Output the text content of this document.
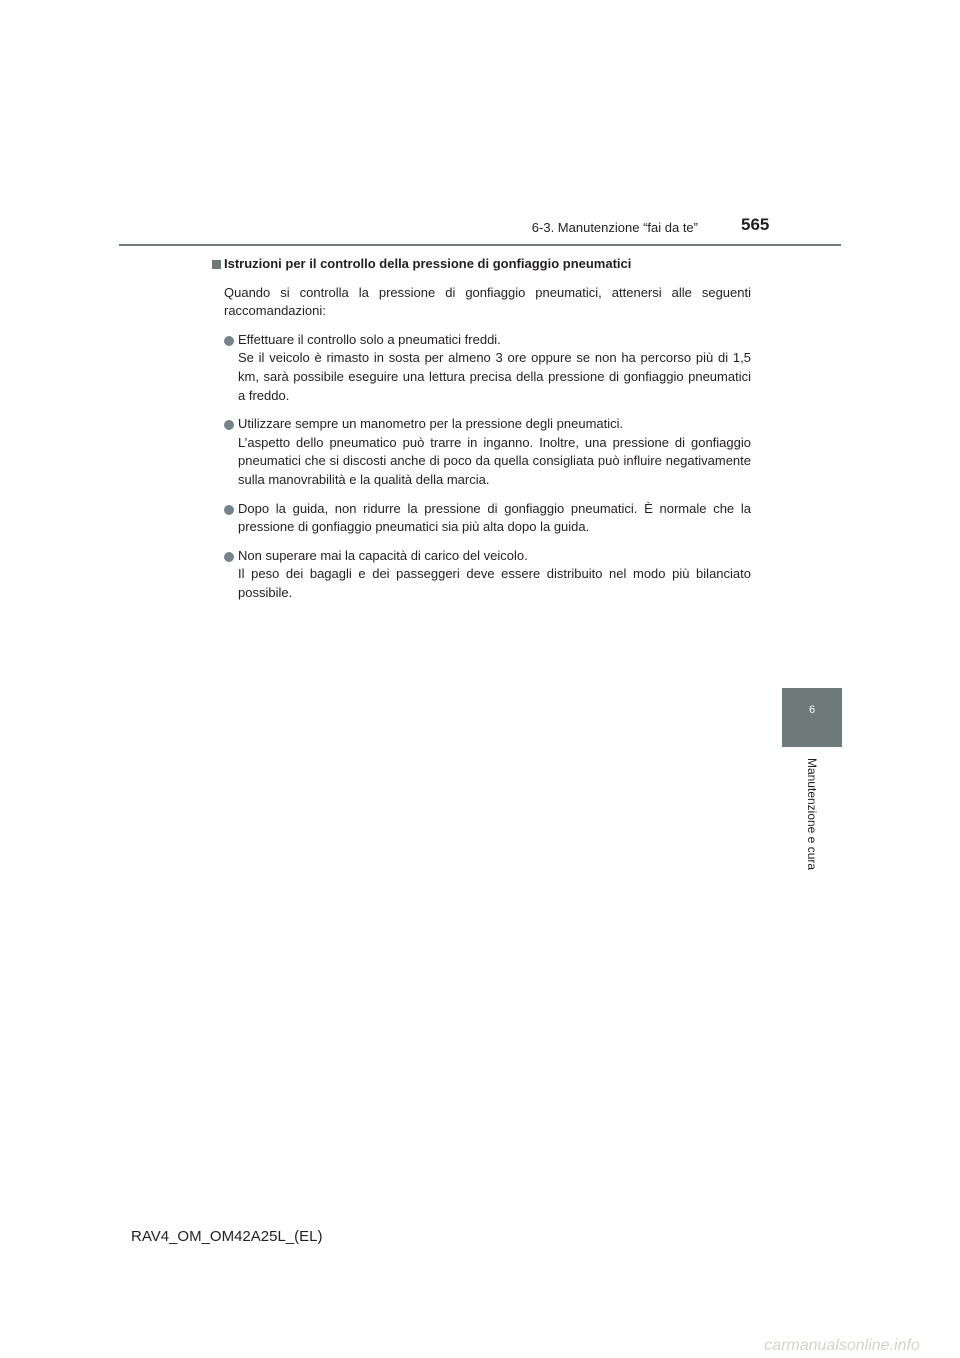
6-3. Manutenzione “fai da te”	565
6
Manutenzione e cura
Istruzioni per il controllo della pressione di gonfiaggio pneumatici
Quando si controlla la pressione di gonfiaggio pneumatici, attenersi alle seguenti raccomandazioni:
Effettuare il controllo solo a pneumatici freddi.
Se il veicolo è rimasto in sosta per almeno 3 ore oppure se non ha percorso più di 1,5 km, sarà possibile eseguire una lettura precisa della pressione di gonfiaggio pneumatici a freddo.
Utilizzare sempre un manometro per la pressione degli pneumatici.
L’aspetto dello pneumatico può trarre in inganno. Inoltre, una pressione di gonfiaggio pneumatici che si discosti anche di poco da quella consigliata può influire negativamente sulla manovrabilità e la qualità della marcia.
Dopo la guida, non ridurre la pressione di gonfiaggio pneumatici. È normale che la pressione di gonfiaggio pneumatici sia più alta dopo la guida.
Non superare mai la capacità di carico del veicolo.
Il peso dei bagagli e dei passeggeri deve essere distribuito nel modo più bilanciato possibile.
RAV4_OM_OM42A25L_(EL)
carmanualsonline.info
